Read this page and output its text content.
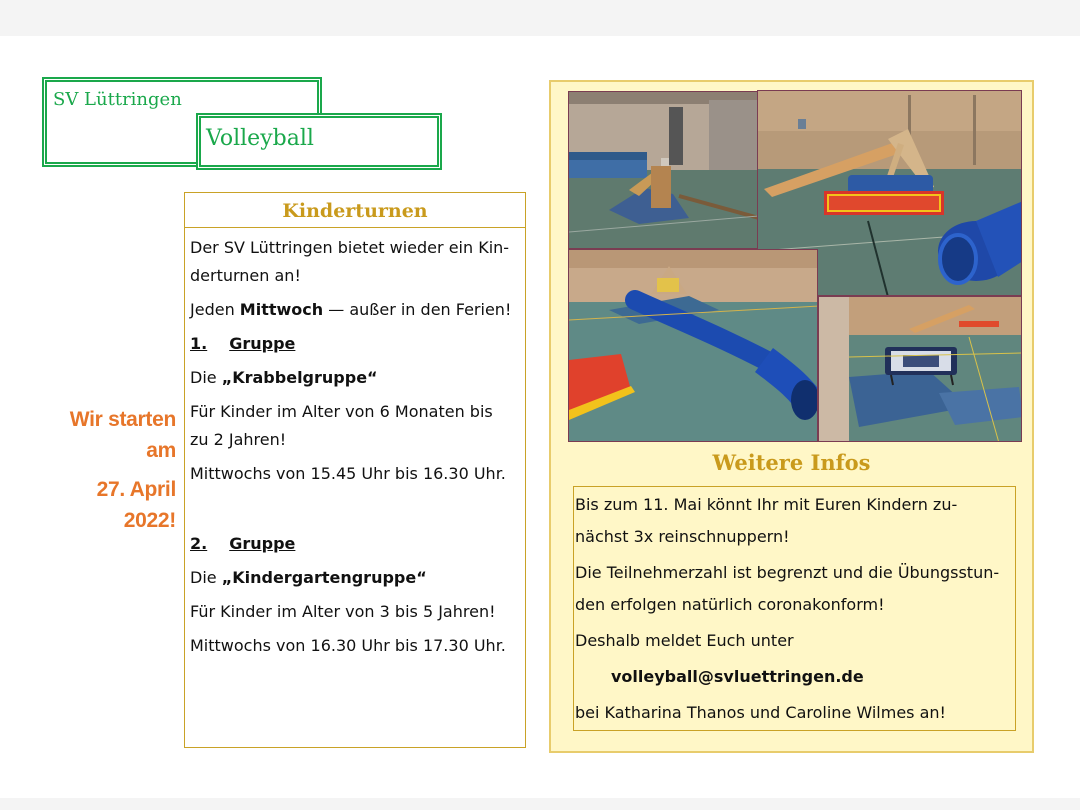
SV Lüttringen
Volleyball
Wir starten
am
27. April
2022!
Kinderturnen

Der SV Lüttringen bietet wieder ein Kin-

derturnen an!

Jeden Mittwoch — außer in den Ferien!

1. Gruppe

Die „Krabbelgruppe“

Für Kinder im Alter von 6 Monaten bis

zu 2 Jahren!

Mittwochs von 15.45 Uhr bis 16.30 Uhr.

2. Gruppe

Die „Kindergartengruppe“

Für Kinder im Alter von 3 bis 5 Jahren!

Mittwochs von 16.30 Uhr bis 17.30 Uhr.

Weitere Infos

Bis zum 11. Mai könnt Ihr mit Euren Kindern zu-

nächst 3x reinschnuppern!

Die Teilnehmerzahl ist begrenzt und die Übungsstun-

den erfolgen natürlich coronakonform!

Deshalb meldet Euch unter

volleyball@svluettringen.de

bei Katharina Thanos und Caroline Wilmes an!
